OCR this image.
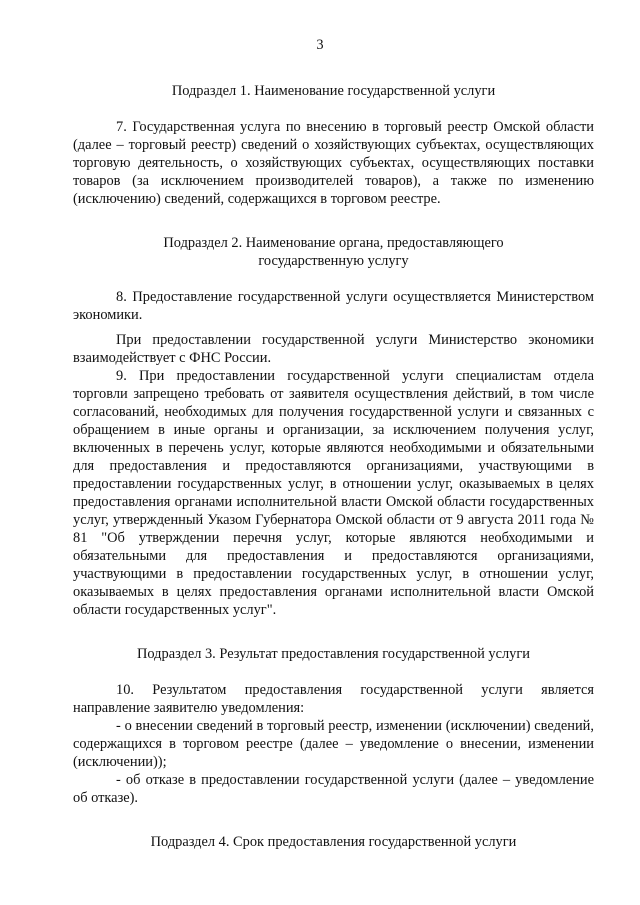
3
Подраздел 1. Наименование государственной услуги

7. Государственная услуга по внесению в торговый реестр Омской области (далее – торговый реестр) сведений о хозяйствующих субъектах, осуществляющих торговую деятельность, о хозяйствующих субъектах, осуществляющих поставки товаров (за исключением производителей товаров), а также по изменению (исключению) сведений, содержащихся в торговом реестре.

Подраздел 2. Наименование органа, предоставляющего
государственную услугу

8. Предоставление государственной услуги осуществляется Министерством экономики.

При предоставлении государственной услуги Министерство экономики взаимодействует с ФНС России.

9. При предоставлении государственной услуги специалистам отдела торговли запрещено требовать от заявителя осуществления действий, в том числе согласований, необходимых для получения государственной услуги и связанных с обращением в иные органы и организации, за исключением получения услуг, включенных в перечень услуг, которые являются необходимыми и обязательными для предоставления и предоставляются организациями, участвующими в предоставлении государственных услуг, в отношении услуг, оказываемых в целях предоставления органами исполнительной власти Омской области государственных услуг, утвержденный Указом Губернатора Омской области от 9 августа 2011 года № 81 "Об утверждении перечня услуг, которые являются необходимыми и обязательными для предоставления и предоставляются организациями, участвующими в предоставлении государственных услуг, в отношении услуг, оказываемых в целях предоставления органами исполнительной власти Омской области государственных услуг".

Подраздел 3. Результат предоставления государственной услуги

10. Результатом предоставления государственной услуги является направление заявителю уведомления:

- о внесении сведений в торговый реестр, изменении (исключении) сведений, содержащихся в торговом реестре (далее – уведомление о внесении, изменении (исключении));

- об отказе в предоставлении государственной услуги (далее – уведомление об отказе).

Подраздел 4. Срок предоставления государственной услуги
